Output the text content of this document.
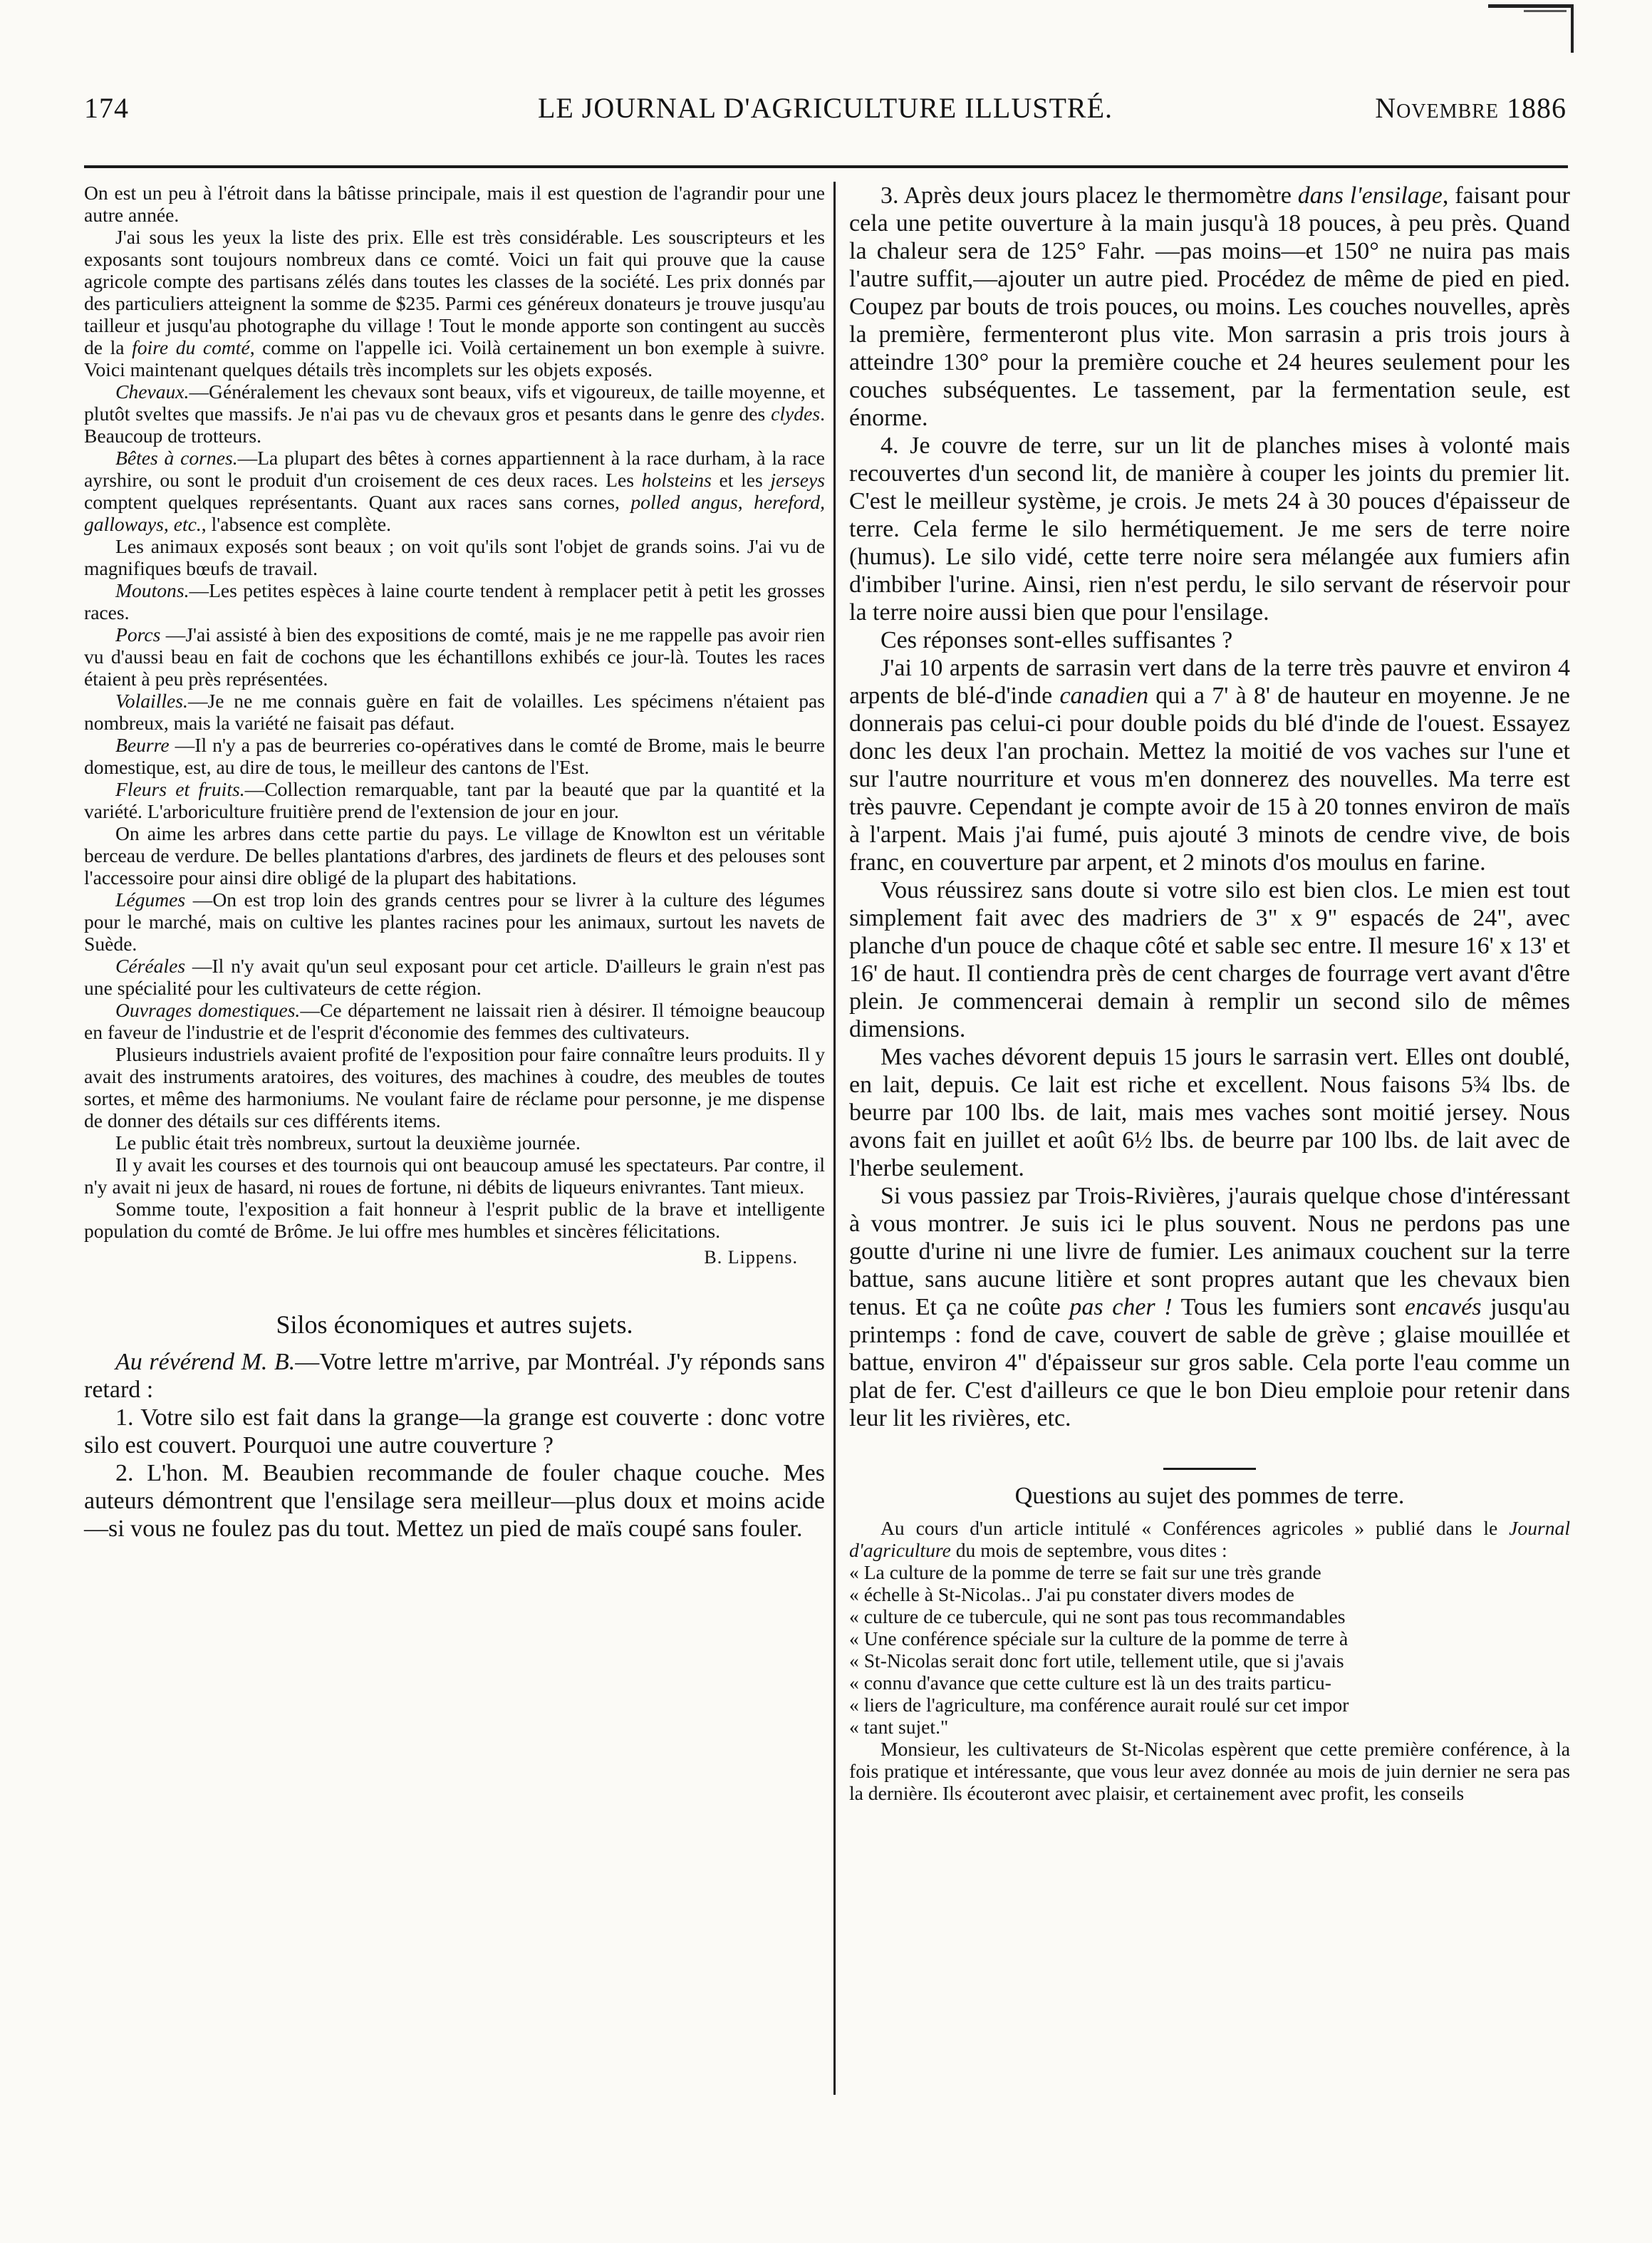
174	LE JOURNAL D'AGRICULTURE ILLUSTRÉ.	Novembre 1886

On est un peu à l'étroit dans la bâtisse principale, mais il est question de l'agrandir pour une autre année.

J'ai sous les yeux la liste des prix. Elle est très considérable. Les souscripteurs et les exposants sont toujours nombreux dans ce comté. Voici un fait qui prouve que la cause agricole compte des partisans zélés dans toutes les classes de la société. Les prix donnés par des particuliers atteignent la somme de $235. Parmi ces généreux donateurs je trouve jusqu'au tailleur et jusqu'au photographe du village ! Tout le monde apporte son contingent au succès de la foire du comté, comme on l'appelle ici. Voilà certainement un bon exemple à suivre. Voici maintenant quelques détails très incomplets sur les objets exposés.

Chevaux.—Généralement les chevaux sont beaux, vifs et vigoureux, de taille moyenne, et plutôt sveltes que massifs. Je n'ai pas vu de chevaux gros et pesants dans le genre des clydes. Beaucoup de trotteurs.

Bêtes à cornes.—La plupart des bêtes à cornes appartiennent à la race durham, à la race ayrshire, ou sont le produit d'un croisement de ces deux races. Les holsteins et les jerseys comptent quelques représentants. Quant aux races sans cornes, polled angus, hereford, galloways, etc., l'absence est complète.

Les animaux exposés sont beaux ; on voit qu'ils sont l'objet de grands soins. J'ai vu de magnifiques bœufs de travail.

Moutons.—Les petites espèces à laine courte tendent à remplacer petit à petit les grosses races.

Porcs —J'ai assisté à bien des expositions de comté, mais je ne me rappelle pas avoir rien vu d'aussi beau en fait de cochons que les échantillons exhibés ce jour-là. Toutes les races étaient à peu près représentées.

Volailles.—Je ne me connais guère en fait de volailles. Les spécimens n'étaient pas nombreux, mais la variété ne faisait pas défaut.

Beurre —Il n'y a pas de beurreries co-opératives dans le comté de Brome, mais le beurre domestique, est, au dire de tous, le meilleur des cantons de l'Est.

Fleurs et fruits.—Collection remarquable, tant par la beauté que par la quantité et la variété. L'arboriculture fruitière prend de l'extension de jour en jour.

On aime les arbres dans cette partie du pays. Le village de Knowlton est un véritable berceau de verdure. De belles plantations d'arbres, des jardinets de fleurs et des pelouses sont l'accessoire pour ainsi dire obligé de la plupart des habitations.

Légumes —On est trop loin des grands centres pour se livrer à la culture des légumes pour le marché, mais on cultive les plantes racines pour les animaux, surtout les navets de Suède.

Céréales —Il n'y avait qu'un seul exposant pour cet article. D'ailleurs le grain n'est pas une spécialité pour les cultivateurs de cette région.

Ouvrages domestiques.—Ce département ne laissait rien à désirer. Il témoigne beaucoup en faveur de l'industrie et de l'esprit d'économie des femmes des cultivateurs.

Plusieurs industriels avaient profité de l'exposition pour faire connaître leurs produits. Il y avait des instruments aratoires, des voitures, des machines à coudre, des meubles de toutes sortes, et même des harmoniums. Ne voulant faire de réclame pour personne, je me dispense de donner des détails sur ces différents items.

Le public était très nombreux, surtout la deuxième journée.

Il y avait les courses et des tournois qui ont beaucoup amusé les spectateurs. Par contre, il n'y avait ni jeux de hasard, ni roues de fortune, ni débits de liqueurs enivrantes. Tant mieux.

Somme toute, l'exposition a fait honneur à l'esprit public de la brave et intelligente population du comté de Brôme. Je lui offre mes humbles et sincères félicitations.

B. Lippens.
Silos économiques et autres sujets.

Au révérend M. B.—Votre lettre m'arrive, par Montréal. J'y réponds sans retard :

1. Votre silo est fait dans la grange—la grange est couverte : donc votre silo est couvert. Pourquoi une autre couverture ?

2. L'hon. M. Beaubien recommande de fouler chaque couche. Mes auteurs démontrent que l'ensilage sera meilleur—plus doux et moins acide—si vous ne foulez pas du tout. Mettez un pied de maïs coupé sans fouler.

3. Après deux jours placez le thermomètre dans l'ensilage, faisant pour cela une petite ouverture à la main jusqu'à 18 pouces, à peu près. Quand la chaleur sera de 125° Fahr. —pas moins—et 150° ne nuira pas mais l'autre suffit,—ajouter un autre pied. Procédez de même de pied en pied. Coupez par bouts de trois pouces, ou moins. Les couches nouvelles, après la première, fermenteront plus vite. Mon sarrasin a pris trois jours à atteindre 130° pour la première couche et 24 heures seulement pour les couches subséquentes. Le tassement, par la fermentation seule, est énorme.

4. Je couvre de terre, sur un lit de planches mises à volonté mais recouvertes d'un second lit, de manière à couper les joints du premier lit. C'est le meilleur système, je crois. Je mets 24 à 30 pouces d'épaisseur de terre. Cela ferme le silo hermétiquement. Je me sers de terre noire (humus). Le silo vidé, cette terre noire sera mélangée aux fumiers afin d'imbiber l'urine. Ainsi, rien n'est perdu, le silo servant de réservoir pour la terre noire aussi bien que pour l'ensilage.

Ces réponses sont-elles suffisantes ?

J'ai 10 arpents de sarrasin vert dans de la terre très pauvre et environ 4 arpents de blé-d'inde canadien qui a 7' à 8' de hauteur en moyenne. Je ne donnerais pas celui-ci pour double poids du blé d'inde de l'ouest. Essayez donc les deux l'an prochain. Mettez la moitié de vos vaches sur l'une et sur l'autre nourriture et vous m'en donnerez des nouvelles. Ma terre est très pauvre. Cependant je compte avoir de 15 à 20 tonnes environ de maïs à l'arpent. Mais j'ai fumé, puis ajouté 3 minots de cendre vive, de bois franc, en couverture par arpent, et 2 minots d'os moulus en farine.

Vous réussirez sans doute si votre silo est bien clos. Le mien est tout simplement fait avec des madriers de 3" x 9" espacés de 24", avec planche d'un pouce de chaque côté et sable sec entre. Il mesure 16' x 13' et 16' de haut. Il contiendra près de cent charges de fourrage vert avant d'être plein. Je commencerai demain à remplir un second silo de mêmes dimensions.

Mes vaches dévorent depuis 15 jours le sarrasin vert. Elles ont doublé, en lait, depuis. Ce lait est riche et excellent. Nous faisons 5¾ lbs. de beurre par 100 lbs. de lait, mais mes vaches sont moitié jersey. Nous avons fait en juillet et août 6½ lbs. de beurre par 100 lbs. de lait avec de l'herbe seulement.

Si vous passiez par Trois-Rivières, j'aurais quelque chose d'intéressant à vous montrer. Je suis ici le plus souvent. Nous ne perdons pas une goutte d'urine ni une livre de fumier. Les animaux couchent sur la terre battue, sans aucune litière et sont propres autant que les chevaux bien tenus. Et ça ne coûte pas cher ! Tous les fumiers sont encavés jusqu'au printemps : fond de cave, couvert de sable de grève ; glaise mouillée et battue, environ 4" d'épaisseur sur gros sable. Cela porte l'eau comme un plat de fer. C'est d'ailleurs ce que le bon Dieu emploie pour retenir dans leur lit les rivières, etc.

Questions au sujet des pommes de terre.

Au cours d'un article intitulé « Conférences agricoles » publié dans le Journal d'agriculture du mois de septembre, vous dites :

« La culture de la pomme de terre se fait sur une très grande

« échelle à St-Nicolas.. J'ai pu constater divers modes de

« culture de ce tubercule, qui ne sont pas tous recommandables

« Une conférence spéciale sur la culture de la pomme de terre à

« St-Nicolas serait donc fort utile, tellement utile, que si j'avais

« connu d'avance que cette culture est là un des traits particu-

« liers de l'agriculture, ma conférence aurait roulé sur cet impor

« tant sujet."

Monsieur, les cultivateurs de St-Nicolas espèrent que cette première conférence, à la fois pratique et intéressante, que vous leur avez donnée au mois de juin dernier ne sera pas la dernière. Ils écouteront avec plaisir, et certainement avec profit, les conseils
